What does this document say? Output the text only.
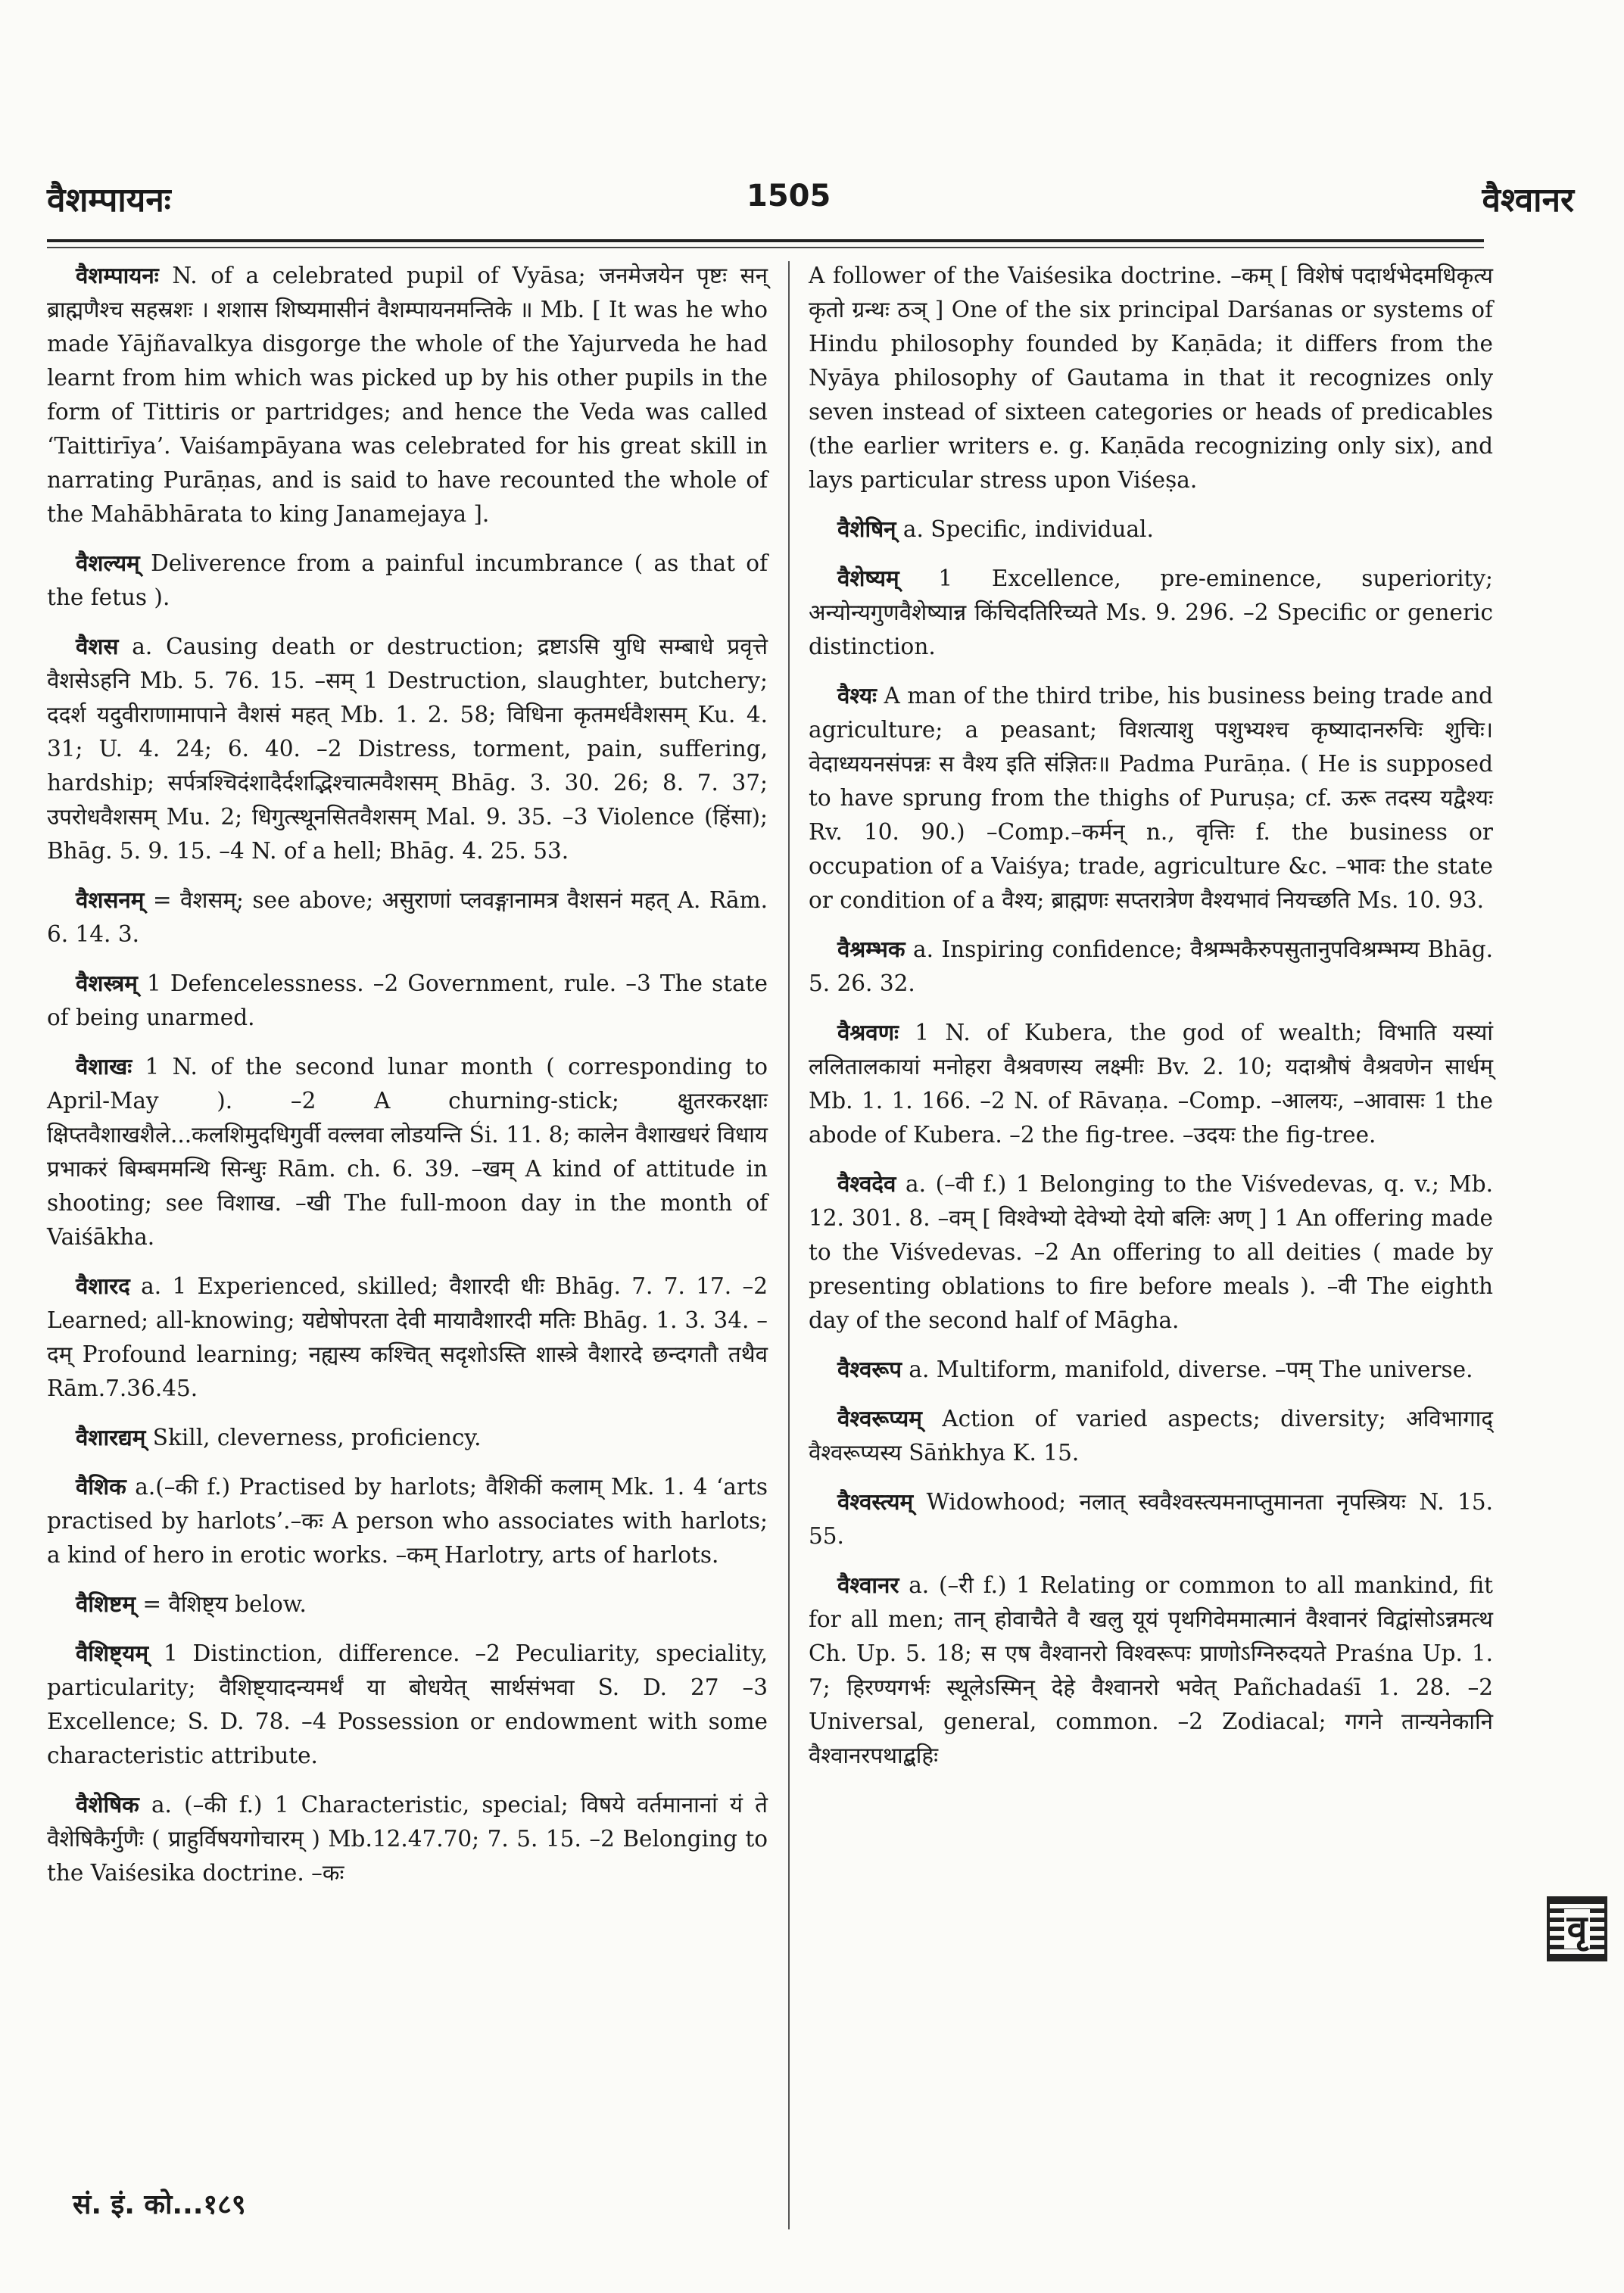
वैशम्पायनः	1505	वैश्वानर

वैशम्पायनः N. of a celebrated pupil of Vyāsa; जनमेजयेन पृष्टः सन् ब्राह्मणैश्च सहस्रशः । शशास शिष्यमासीनं वैशम्पायनमन्तिके ॥ Mb. [ It was he who made Yājñavalkya disgorge the whole of the Yajurveda he had learnt from him which was picked up by his other pupils in the form of Tittiris or partridges; and hence the Veda was called ‘Taittirīya’. Vaiśampāyana was celebrated for his great skill in narrating Purāṇas, and is said to have recounted the whole of the Mahābhārata to king Janamejaya ].

वैशल्यम् Deliverence from a painful incumbrance ( as that of the fetus ).

वैशस a. Causing death or destruction; द्रष्टाऽसि युधि सम्बाधे प्रवृत्ते वैशसेऽहनि Mb. 5. 76. 15. –सम् 1 Destruction, slaughter, butchery; ददर्श यदुवीराणामापाने वैशसं महत् Mb. 1. 2. 58; विधिना कृतमर्धवैशसम् Ku. 4. 31; U. 4. 24; 6. 40. –2 Distress, torment, pain, suffering, hardship; सर्पत्रश्चिदंशादैर्दशद्भिश्चात्मवैशसम् Bhāg. 3. 30. 26; 8. 7. 37; उपरोधवैशसम् Mu. 2; धिगुत्स्थूनसितवैशसम् Mal. 9. 35. –3 Violence (हिंसा); Bhāg. 5. 9. 15. –4 N. of a hell; Bhāg. 4. 25. 53.

वैशसनम् = वैशसम्; see above; असुराणां प्लवङ्गानामत्र वैशसनं महत् A. Rām. 6. 14. 3.

वैशस्त्रम् 1 Defencelessness. –2 Government, rule. –3 The state of being unarmed.

वैशाखः 1 N. of the second lunar month ( corresponding to April-May ). –2 A churning-stick; क्षुतरकरक्षाः क्षिप्तवैशाखशैले...कलशिमुदधिगुर्वी वल्लवा लोडयन्ति Śi. 11. 8; कालेन वैशाखधरं विधाय प्रभाकरं बिम्बममन्थि सिन्धुः Rām. ch. 6. 39. –खम् A kind of attitude in shooting; see विशाख. –खी The full-moon day in the month of Vaiśākha.

वैशारद a. 1 Experienced, skilled; वैशारदी धीः Bhāg. 7. 7. 17. –2 Learned; all-knowing; यद्येषोपरता देवी मायावैशारदी मतिः Bhāg. 1. 3. 34. –दम् Profound learning; नह्यस्य कश्चित् सदृशोऽस्ति शास्त्रे वैशारदे छन्दगतौ तथैव Rām.7.36.45.

वैशारद्यम् Skill, cleverness, proficiency.

वैशिक a.(–की f.) Practised by harlots; वैशिकीं कलाम् Mk. 1. 4 ‘arts practised by harlots’.–कः A person who associates with harlots; a kind of hero in erotic works. –कम् Harlotry, arts of harlots.

वैशिष्टम् = वैशिष्ट्य below.

वैशिष्ट्यम् 1 Distinction, difference. –2 Peculiarity, speciality, particularity; वैशिष्ट्यादन्यमर्थं या बोधयेत् सार्थसंभवा S. D. 27 –3 Excellence; S. D. 78. –4 Possession or endowment with some characteristic attribute.

वैशेषिक a. (–की f.) 1 Characteristic, special; विषये वर्तमानानां यं ते वैशेषिकैर्गुणैः ( प्राहुर्विषयगोचारम् ) Mb.12.47.70; 7. 5. 15. –2 Belonging to the Vaiśesika doctrine. –कः

A follower of the Vaiśesika doctrine. –कम् [ विशेषं पदार्थभेदमधिकृत्य कृतो ग्रन्थः ठञ् ] One of the six principal Darśanas or systems of Hindu philosophy founded by Kaṇāda; it differs from the Nyāya philosophy of Gautama in that it recognizes only seven instead of sixteen categories or heads of predicables (the earlier writers e. g. Kaṇāda recognizing only six), and lays particular stress upon Viśeṣa.

वैशेषिन् a. Specific, individual.

वैशेष्यम् 1 Excellence, pre-eminence, superiority; अन्योन्यगुणवैशेष्यान्न किंचिदतिरिच्यते Ms. 9. 296. –2 Specific or generic distinction.

वैश्यः A man of the third tribe, his business being trade and agriculture; a peasant; विशत्याशु पशुभ्यश्च कृष्यादानरुचिः शुचिः। वेदाध्ययनसंपन्नः स वैश्य इति संज्ञितः॥ Padma Purāṇa. ( He is supposed to have sprung from the thighs of Puruṣa; cf. ऊरू तदस्य यद्वैश्यः Rv. 10. 90.) –Comp.–कर्मन् n., वृत्तिः f. the business or occupation of a Vaiśya; trade, agriculture &c. –भावः the state or condition of a वैश्य; ब्राह्मणः सप्तरात्रेण वैश्यभावं नियच्छति Ms. 10. 93.

वैश्रम्भक a. Inspiring confidence; वैश्रम्भकैरुपसुतानुपविश्रम्भम्य Bhāg. 5. 26. 32.

वैश्रवणः 1 N. of Kubera, the god of wealth; विभाति यस्यां ललितालकायां मनोहरा वैश्रवणस्य लक्ष्मीः Bv. 2. 10; यदाश्रौषं वैश्रवणेन सार्धम् Mb. 1. 1. 166. –2 N. of Rāvaṇa. –Comp. –आलयः, –आवासः 1 the abode of Kubera. –2 the fig-tree. –उदयः the fig-tree.

वैश्वदेव a. (–वी f.) 1 Belonging to the Viśvedevas, q. v.; Mb. 12. 301. 8. –वम् [ विश्वेभ्यो देवेभ्यो देयो बलिः अण् ] 1 An offering made to the Viśvedevas. –2 An offering to all deities ( made by presenting oblations to fire before meals ). –वी The eighth day of the second half of Māgha.

वैश्वरूप a. Multiform, manifold, diverse. –पम् The universe.

वैश्वरूप्यम् Action of varied aspects; diversity; अविभागाद् वैश्वरूप्यस्य Sāṅkhya K. 15.

वैश्वस्त्यम् Widowhood; नलात् स्ववैश्वस्त्यमनाप्तुमानता नृपस्त्रियः N. 15. 55.

वैश्वानर a. (–री f.) 1 Relating or common to all mankind, fit for all men; तान् होवाचैते वै खलु यूयं पृथगिवेममात्मानं वैश्वानरं विद्वांसोऽन्नमत्थ Ch. Up. 5. 18; स एष वैश्वानरो विश्वरूपः प्राणोऽग्निरुदयते Praśna Up. 1. 7; हिरण्यगर्भः स्थूलेऽस्मिन् देहे वैश्वानरो भवेत् Pañchadaśī 1. 28. –2 Universal, general, common. –2 Zodiacal; गगने तान्यनेकानि वैश्वानरपथाद्बहिः

सं. इं. को...१८९
वृ
